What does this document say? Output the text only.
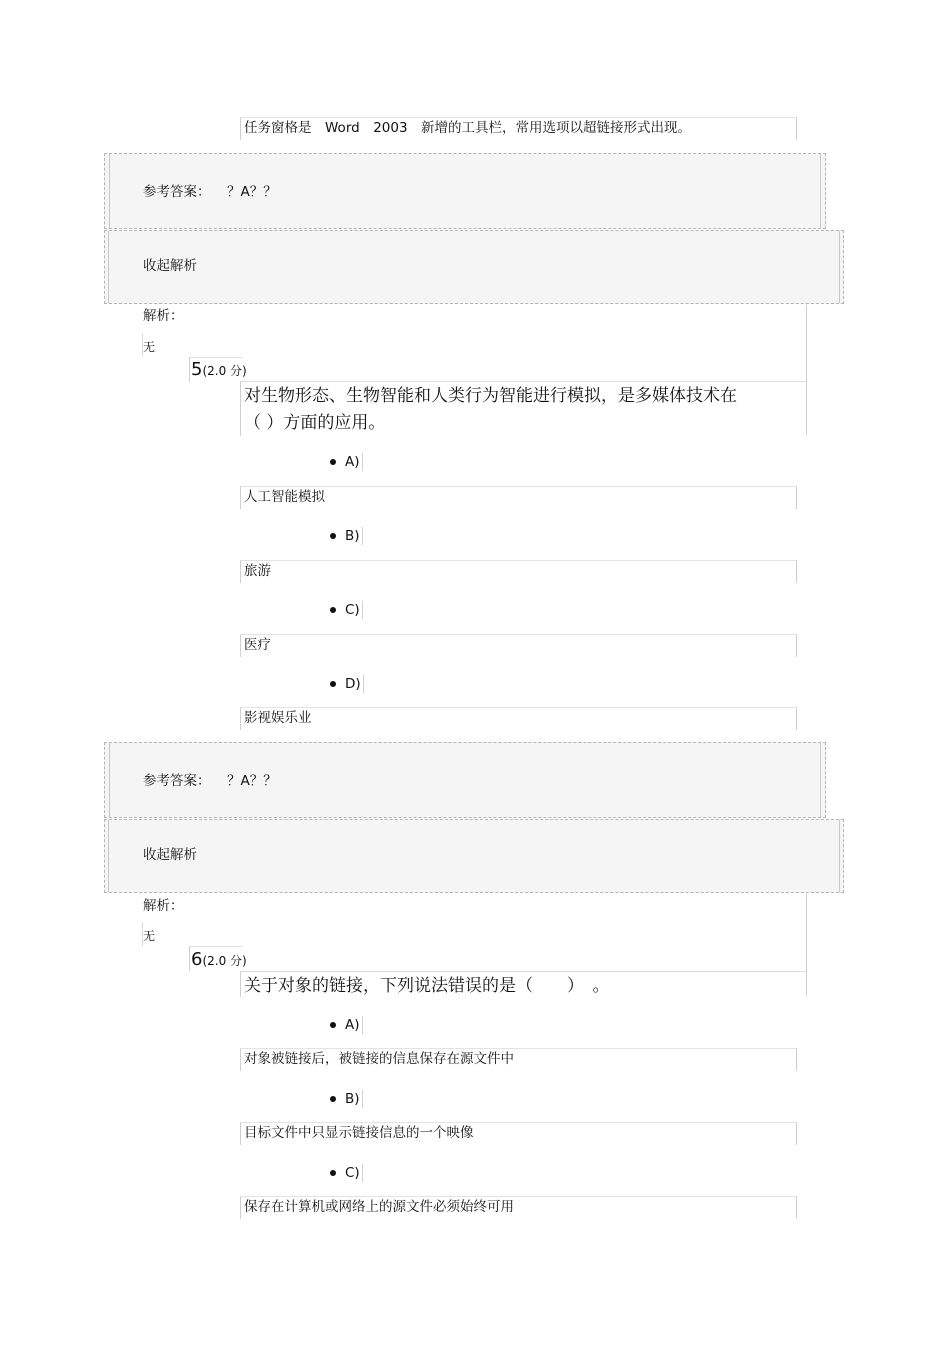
任务窗格是　Word　2003　新增的工具栏，常用选项以超链接形式出现。
参考答案： ？A？？
收起解析
解析：
无
5(2.0 分)
对生物形态、生物智能和人类行为智能进行模拟，是多媒体技术在
（ ）方面的应用。
A)
人工智能模拟
B)
旅游
C)
医疗
D)
影视娱乐业
参考答案： ？A？？
收起解析
解析：
无
6(2.0 分)
关于对象的链接，下列说法错误的是（　　）　。
A)
对象被链接后，被链接的信息保存在源文件中
B)
目标文件中只显示链接信息的一个映像
C)
保存在计算机或网络上的源文件必须始终可用
